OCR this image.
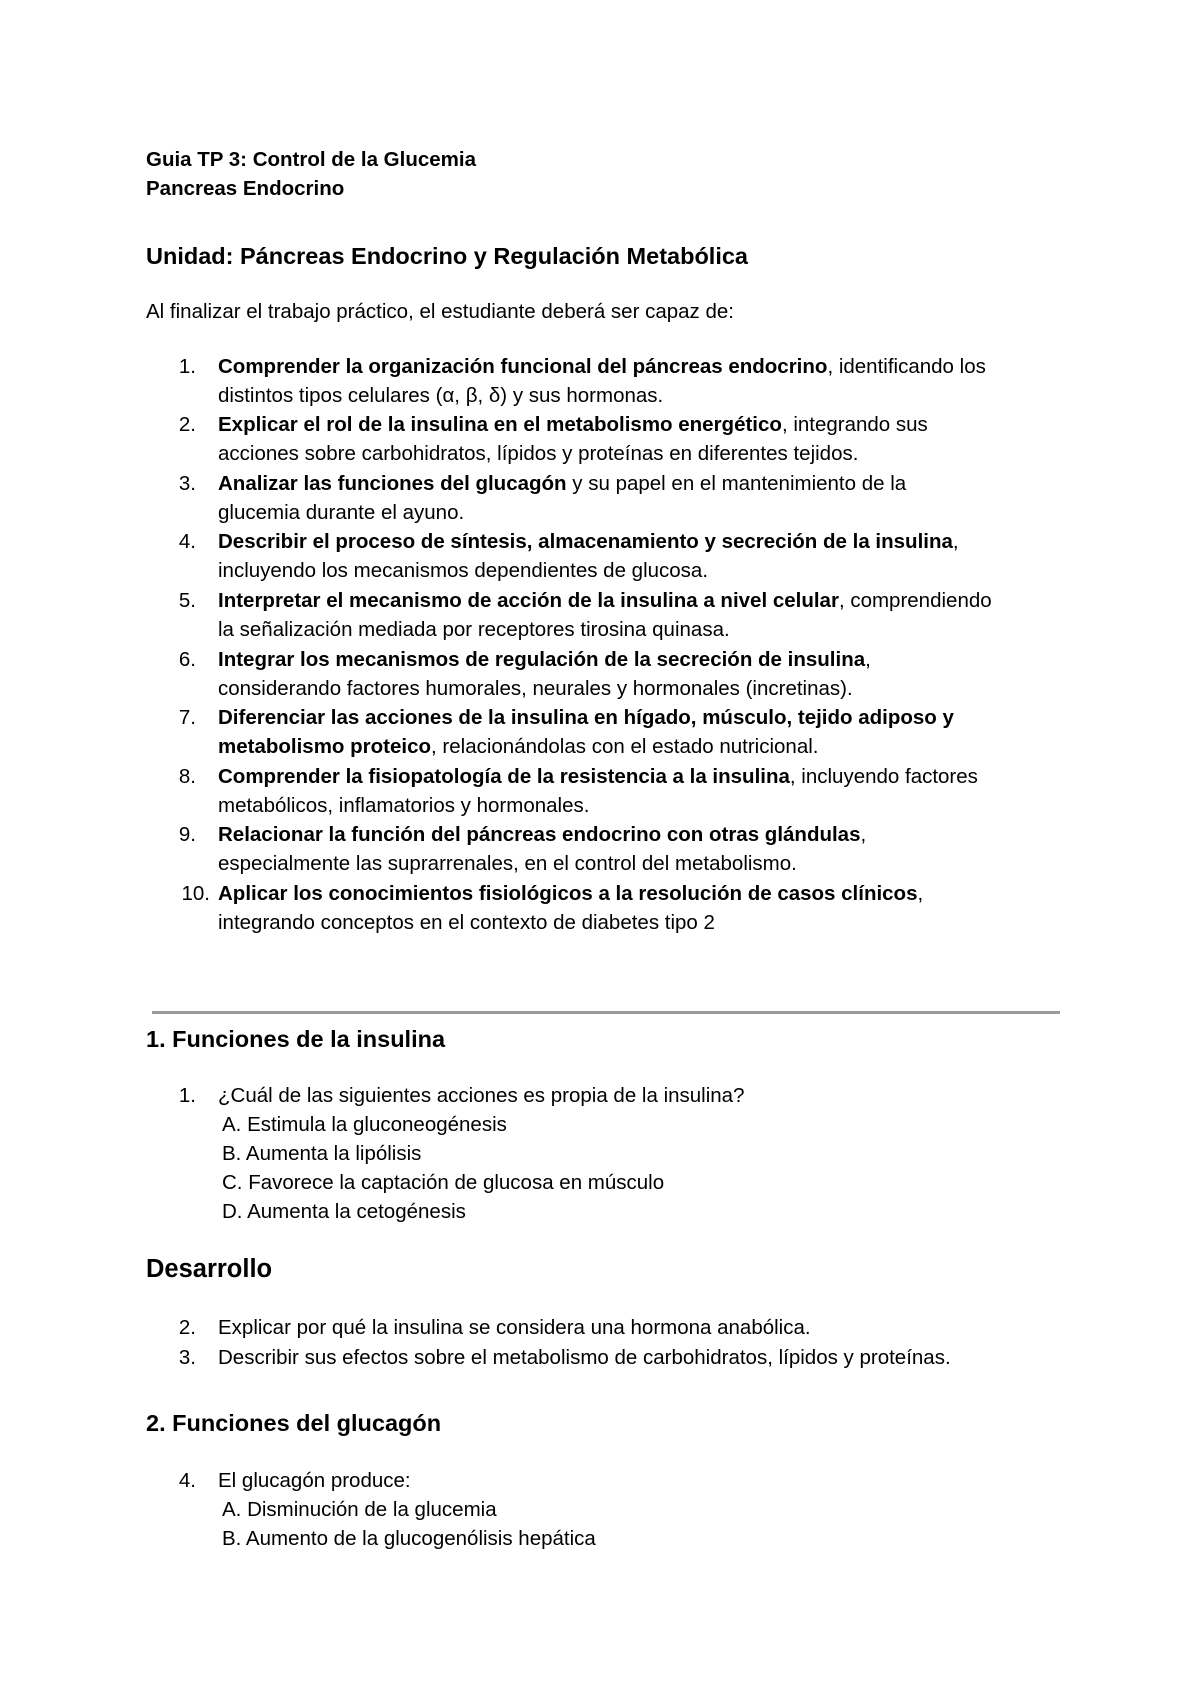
Guia TP 3: Control de la Glucemia
Pancreas Endocrino
Unidad: Páncreas Endocrino y Regulación Metabólica
Al finalizar el trabajo práctico, el estudiante deberá ser capaz de:
1. Comprender la organización funcional del páncreas endocrino, identificando los
distintos tipos celulares (α, β, δ) y sus hormonas.
2. Explicar el rol de la insulina en el metabolismo energético, integrando sus
acciones sobre carbohidratos, lípidos y proteínas en diferentes tejidos.
3. Analizar las funciones del glucagón y su papel en el mantenimiento de la
glucemia durante el ayuno.
4. Describir el proceso de síntesis, almacenamiento y secreción de la insulina,
incluyendo los mecanismos dependientes de glucosa.
5. Interpretar el mecanismo de acción de la insulina a nivel celular, comprendiendo
la señalización mediada por receptores tirosina quinasa.
6. Integrar los mecanismos de regulación de la secreción de insulina,
considerando factores humorales, neurales y hormonales (incretinas).
7. Diferenciar las acciones de la insulina en hígado, músculo, tejido adiposo y
metabolismo proteico, relacionándolas con el estado nutricional.
8. Comprender la fisiopatología de la resistencia a la insulina, incluyendo factores
metabólicos, inflamatorios y hormonales.
9. Relacionar la función del páncreas endocrino con otras glándulas,
especialmente las suprarrenales, en el control del metabolismo.
10. Aplicar los conocimientos fisiológicos a la resolución de casos clínicos,
integrando conceptos en el contexto de diabetes tipo 2
1. Funciones de la insulina
1. ¿Cuál de las siguientes acciones es propia de la insulina?
A. Estimula la gluconeogénesis
B. Aumenta la lipólisis
C. Favorece la captación de glucosa en músculo
D. Aumenta la cetogénesis
Desarrollo
2. Explicar por qué la insulina se considera una hormona anabólica.
3. Describir sus efectos sobre el metabolismo de carbohidratos, lípidos y proteínas.
2. Funciones del glucagón
4. El glucagón produce:
A. Disminución de la glucemia
B. Aumento de la glucogenólisis hepática
